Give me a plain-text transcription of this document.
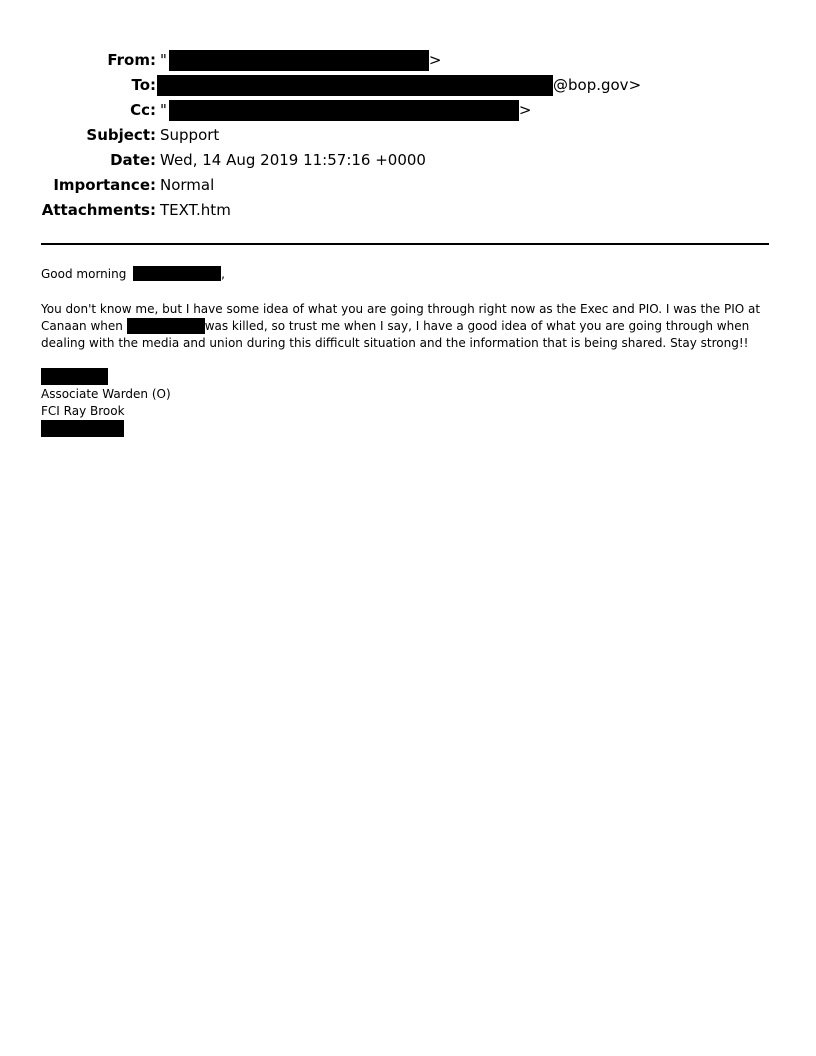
From: "	>
To:	@bop.gov>
Cc: "	>
Subject: Support
Date: Wed, 14 Aug 2019 11:57:16 +0000
Importance: Normal
Attachments: TEXT.htm
Good morning	,
You don't know me, but I have some idea of what you are going through right now as the Exec and PIO. I was the PIO at Canaan when	was killed, so trust me when I say, I have a good idea of what you are going through when dealing with the media and union during this difficult situation and the information that is being shared. Stay strong!!
Associate Warden (O)
FCI Ray Brook
